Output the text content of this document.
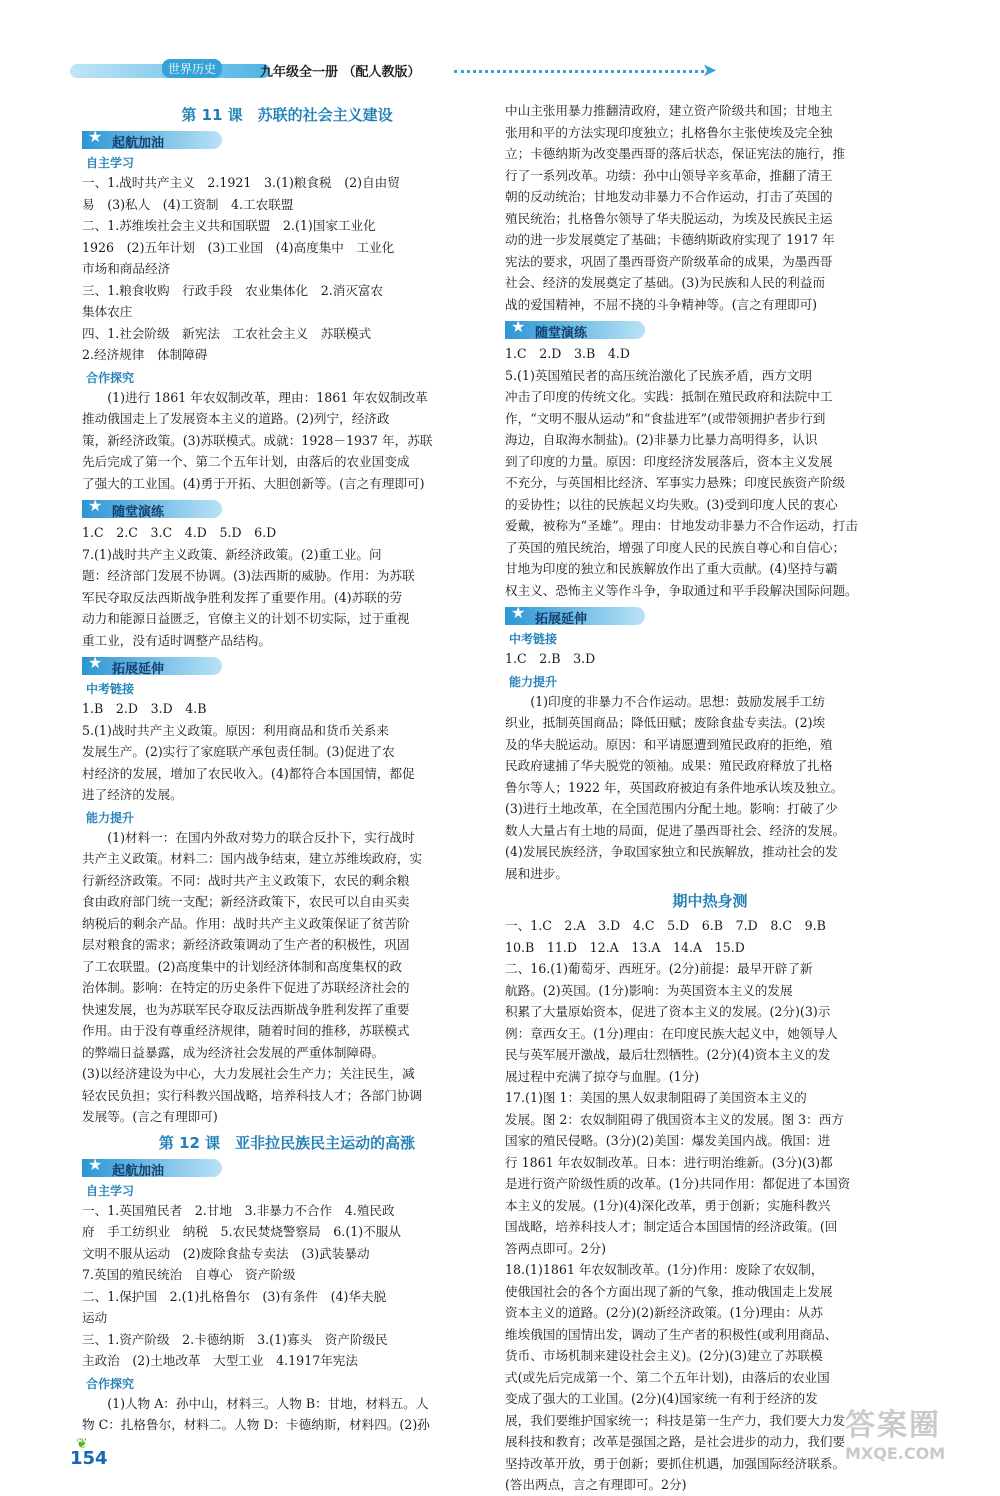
世界历史	九年级全一册 （配人教版）	➤
第 11 课　苏联的社会主义建设
★ 起航加油
自主学习

一、1.战时共产主义　2.1921　3.(1)粮食税　(2)自由贸

易　(3)私人　(4)工资制　4.工农联盟

二、1.苏维埃社会主义共和国联盟　2.(1)国家工业化

1926　(2)五年计划　(3)工业国　(4)高度集中　工业化

市场和商品经济

三、1.粮食收购　行政手段　农业集体化　2.消灭富农

集体农庄

四、1.社会阶级　新宪法　工农社会主义　苏联模式

2.经济规律　体制障碍

合作探究

(1)进行 1861 年农奴制改革，理由：1861 年农奴制改革

推动俄国走上了发展资本主义的道路。(2)列宁，经济政

策，新经济政策。(3)苏联模式。成就：1928－1937 年，苏联

先后完成了第一个、第二个五年计划，由落后的农业国变成

了强大的工业国。(4)勇于开拓、大胆创新等。(言之有理即可)

★ 随堂演练

1.C　2.C　3.C　4.D　5.D　6.D

7.(1)战时共产主义政策、新经济政策。(2)重工业。问

题：经济部门发展不协调。(3)法西斯的威胁。作用：为苏联

军民夺取反法西斯战争胜利发挥了重要作用。(4)苏联的劳

动力和能源日益匮乏，官僚主义的计划不切实际，过于重视

重工业，没有适时调整产品结构。

★ 拓展延伸
中考链接

1.B　2.D　3.D　4.B

5.(1)战时共产主义政策。原因：利用商品和货币关系来

发展生产。(2)实行了家庭联产承包责任制。(3)促进了农

村经济的发展，增加了农民收入。(4)都符合本国国情，都促

进了经济的发展。

能力提升

(1)材料一：在国内外敌对势力的联合反扑下，实行战时

共产主义政策。材料二：国内战争结束，建立苏维埃政府，实

行新经济政策。不同：战时共产主义政策下，农民的剩余粮

食由政府部门统一支配；新经济政策下，农民可以自由买卖

纳税后的剩余产品。作用：战时共产主义政策保证了贫苦阶

层对粮食的需求；新经济政策调动了生产者的积极性，巩固

了工农联盟。(2)高度集中的计划经济体制和高度集权的政

治体制。影响：在特定的历史条件下促进了苏联经济社会的

快速发展，也为苏联军民夺取反法西斯战争胜利发挥了重要

作用。由于没有尊重经济规律，随着时间的推移，苏联模式

的弊端日益暴露，成为经济社会发展的严重体制障碍。

(3)以经济建设为中心，大力发展社会生产力；关注民生，减

轻农民负担；实行科教兴国战略，培养科技人才；各部门协调

发展等。(言之有理即可)

第 12 课　亚非拉民族民主运动的高涨
★ 起航加油
自主学习

一、1.英国殖民者　2.甘地　3.非暴力不合作　4.殖民政

府　手工纺织业　纳税　5.农民焚烧警察局　6.(1)不服从

文明不服从运动　(2)废除食盐专卖法　(3)武装暴动

7.英国的殖民统治　自尊心　资产阶级

二、1.保护国　2.(1)扎格鲁尔　(3)有条件　(4)华夫脱

运动

三、1.资产阶级　2.卡德纳斯　3.(1)寡头　资产阶级民

主政治　(2)土地改革　大型工业　4.1917年宪法

合作探究

(1)人物 A：孙中山，材料三。人物 B：甘地，材料五。人

物 C：扎格鲁尔，材料二。人物 D：卡德纳斯，材料四。(2)孙

中山主张用暴力推翻清政府，建立资产阶级共和国；甘地主

张用和平的方法实现印度独立；扎格鲁尔主张使埃及完全独

立；卡德纳斯为改变墨西哥的落后状态，保证宪法的施行，推

行了一系列改革。功绩：孙中山领导辛亥革命，推翻了清王

朝的反动统治；甘地发动非暴力不合作运动，打击了英国的

殖民统治；扎格鲁尔领导了华夫脱运动，为埃及民族民主运

动的进一步发展奠定了基础；卡德纳斯政府实现了 1917 年

宪法的要求，巩固了墨西哥资产阶级革命的成果，为墨西哥

社会、经济的发展奠定了基础。(3)为民族和人民的利益而

战的爱国精神，不屈不挠的斗争精神等。(言之有理即可)

★ 随堂演练

1.C　2.D　3.B　4.D

5.(1)英国殖民者的高压统治激化了民族矛盾，西方文明

冲击了印度的传统文化。实践：抵制在殖民政府和法院中工

作，“文明不服从运动”和“食盐进军”(或带领拥护者步行到

海边，自取海水制盐)。(2)非暴力比暴力高明得多，认识

到了印度的力量。原因：印度经济发展落后，资本主义发展

不充分，与英国相比经济、军事实力悬殊；印度民族资产阶级

的妥协性；以往的民族起义均失败。(3)受到印度人民的衷心

爱戴，被称为“圣雄”。理由：甘地发动非暴力不合作运动，打击

了英国的殖民统治，增强了印度人民的民族自尊心和自信心；

甘地为印度的独立和民族解放作出了重大贡献。(4)坚持与霸

权主义、恐怖主义等作斗争，争取通过和平手段解决国际问题。

★ 拓展延伸
中考链接

1.C　2.B　3.D

能力提升

(1)印度的非暴力不合作运动。思想：鼓励发展手工纺

织业，抵制英国商品；降低田赋；废除食盐专卖法。(2)埃

及的华夫脱运动。原因：和平请愿遭到殖民政府的拒绝，殖

民政府逮捕了华夫脱党的领袖。成果：殖民政府释放了扎格

鲁尔等人；1922 年，英国政府被迫有条件地承认埃及独立。

(3)进行土地改革，在全国范围内分配土地。影响：打破了少

数人大量占有土地的局面，促进了墨西哥社会、经济的发展。

(4)发展民族经济，争取国家独立和民族解放，推动社会的发

展和进步。

期中热身测

一、1.C　2.A　3.D　4.C　5.D　6.B　7.D　8.C　9.B

10.B　11.D　12.A　13.A　14.A　15.D

二、16.(1)葡萄牙、西班牙。(2分)前提：最早开辟了新

航路。(2)英国。(1分)影响：为英国资本主义的发展

积累了大量原始资本，促进了资本主义的发展。(2分)(3)示

例：章西女王。(1分)理由：在印度民族大起义中，她领导人

民与英军展开激战，最后壮烈牺牲。(2分)(4)资本主义的发

展过程中充满了掠夺与血腥。(1分)

17.(1)图 1：美国的黑人奴隶制阻碍了美国资本主义的

发展。图 2：农奴制阻碍了俄国资本主义的发展。图 3：西方

国家的殖民侵略。(3分)(2)美国：爆发美国内战。俄国：进

行 1861 年农奴制改革。日本：进行明治维新。(3分)(3)都

是进行资产阶级性质的改革。(1分)共同作用：都促进了本国资

本主义的发展。(1分)(4)深化改革，勇于创新；实施科教兴

国战略，培养科技人才；制定适合本国国情的经济政策。(回

答两点即可。2分)

18.(1)1861 年农奴制改革。(1分)作用：废除了农奴制，

使俄国社会的各个方面出现了新的气象，推动俄国走上发展

资本主义的道路。(2分)(2)新经济政策。(1分)理由：从苏

维埃俄国的国情出发，调动了生产者的积极性(或利用商品、

货币、市场机制来建设社会主义)。(2分)(3)建立了苏联模

式(或先后完成第一个、第二个五年计划)，由落后的农业国

变成了强大的工业国。(2分)(4)国家统一有利于经济的发

展，我们要维护国家统一；科技是第一生产力，我们要大力发

展科技和教育；改革是强国之路，是社会进步的动力，我们要

坚持改革开放，勇于创新；要抓住机遇，加强国际经济联系。

(答出两点，言之有理即可。2分)

❦
154
答案圈
MXQE.COM
